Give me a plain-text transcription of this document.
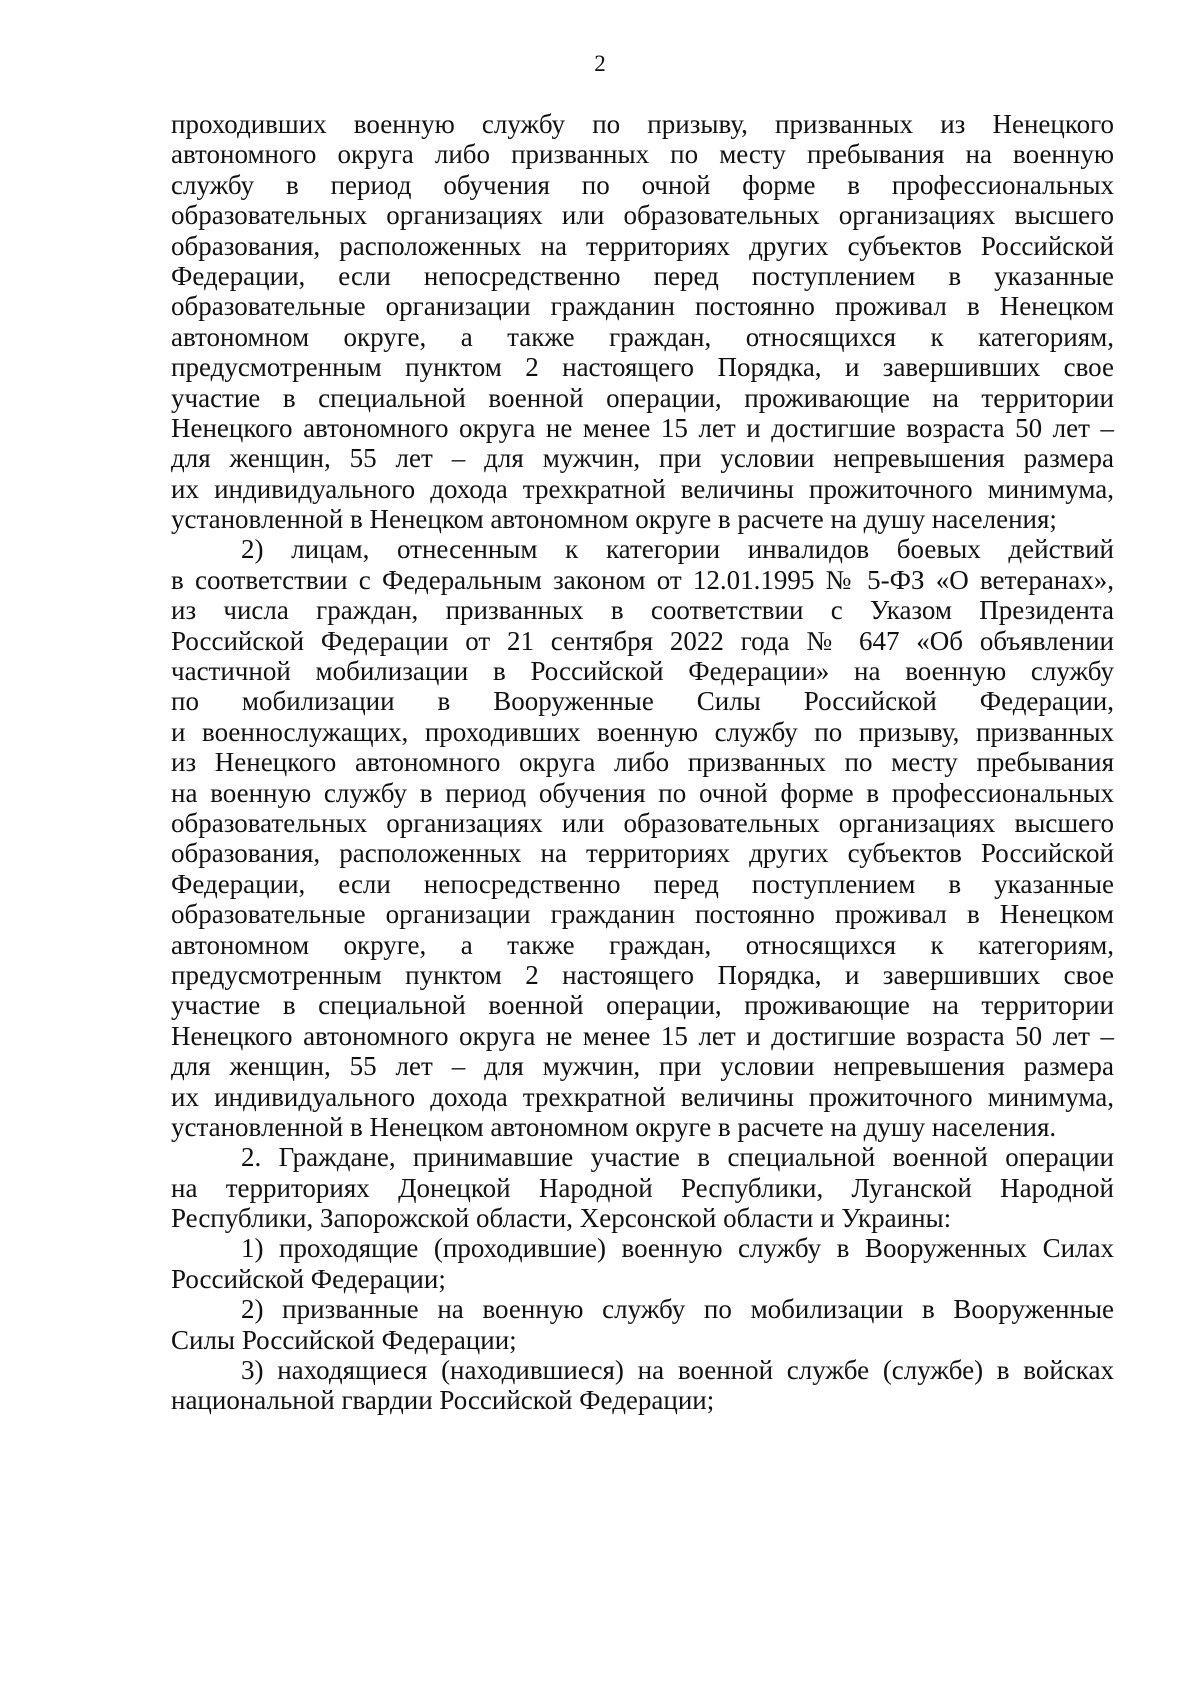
2
проходивших военную службу по призыву, призванных из Ненецкого
автономного округа либо призванных по месту пребывания на военную
службу в период обучения по очной форме в профессиональных
образовательных организациях или образовательных организациях высшего
образования, расположенных на территориях других субъектов Российской
Федерации, если непосредственно перед поступлением в указанные
образовательные организации гражданин постоянно проживал в Ненецком
автономном округе, а также граждан, относящихся к категориям,
предусмотренным пунктом 2 настоящего Порядка, и завершивших свое
участие в специальной военной операции, проживающие на территории
Ненецкого автономного округа не менее 15 лет и достигшие возраста 50 лет –
для женщин, 55 лет – для мужчин, при условии непревышения размера
их индивидуального дохода трехкратной величины прожиточного минимума,
установленной в Ненецком автономном округе в расчете на душу населения;
2) лицам, отнесенным к категории инвалидов боевых действий
в соответствии с Федеральным законом от 12.01.1995 № 5-ФЗ «О ветеранах»,
из числа граждан, призванных в соответствии с Указом Президента
Российской Федерации от 21 сентября 2022 года № 647 «Об объявлении
частичной мобилизации в Российской Федерации» на военную службу
по мобилизации в Вооруженные Силы Российской Федерации,
и военнослужащих, проходивших военную службу по призыву, призванных
из Ненецкого автономного округа либо призванных по месту пребывания
на военную службу в период обучения по очной форме в профессиональных
образовательных организациях или образовательных организациях высшего
образования, расположенных на территориях других субъектов Российской
Федерации, если непосредственно перед поступлением в указанные
образовательные организации гражданин постоянно проживал в Ненецком
автономном округе, а также граждан, относящихся к категориям,
предусмотренным пунктом 2 настоящего Порядка, и завершивших свое
участие в специальной военной операции, проживающие на территории
Ненецкого автономного округа не менее 15 лет и достигшие возраста 50 лет –
для женщин, 55 лет – для мужчин, при условии непревышения размера
их индивидуального дохода трехкратной величины прожиточного минимума,
установленной в Ненецком автономном округе в расчете на душу населения.
2. Граждане, принимавшие участие в специальной военной операции
на территориях Донецкой Народной Республики, Луганской Народной
Республики, Запорожской области, Херсонской области и Украины:
1) проходящие (проходившие) военную службу в Вооруженных Силах
Российской Федерации;
2) призванные на военную службу по мобилизации в Вооруженные
Силы Российской Федерации;
3) находящиеся (находившиеся) на военной службе (службе) в войсках
национальной гвардии Российской Федерации;
